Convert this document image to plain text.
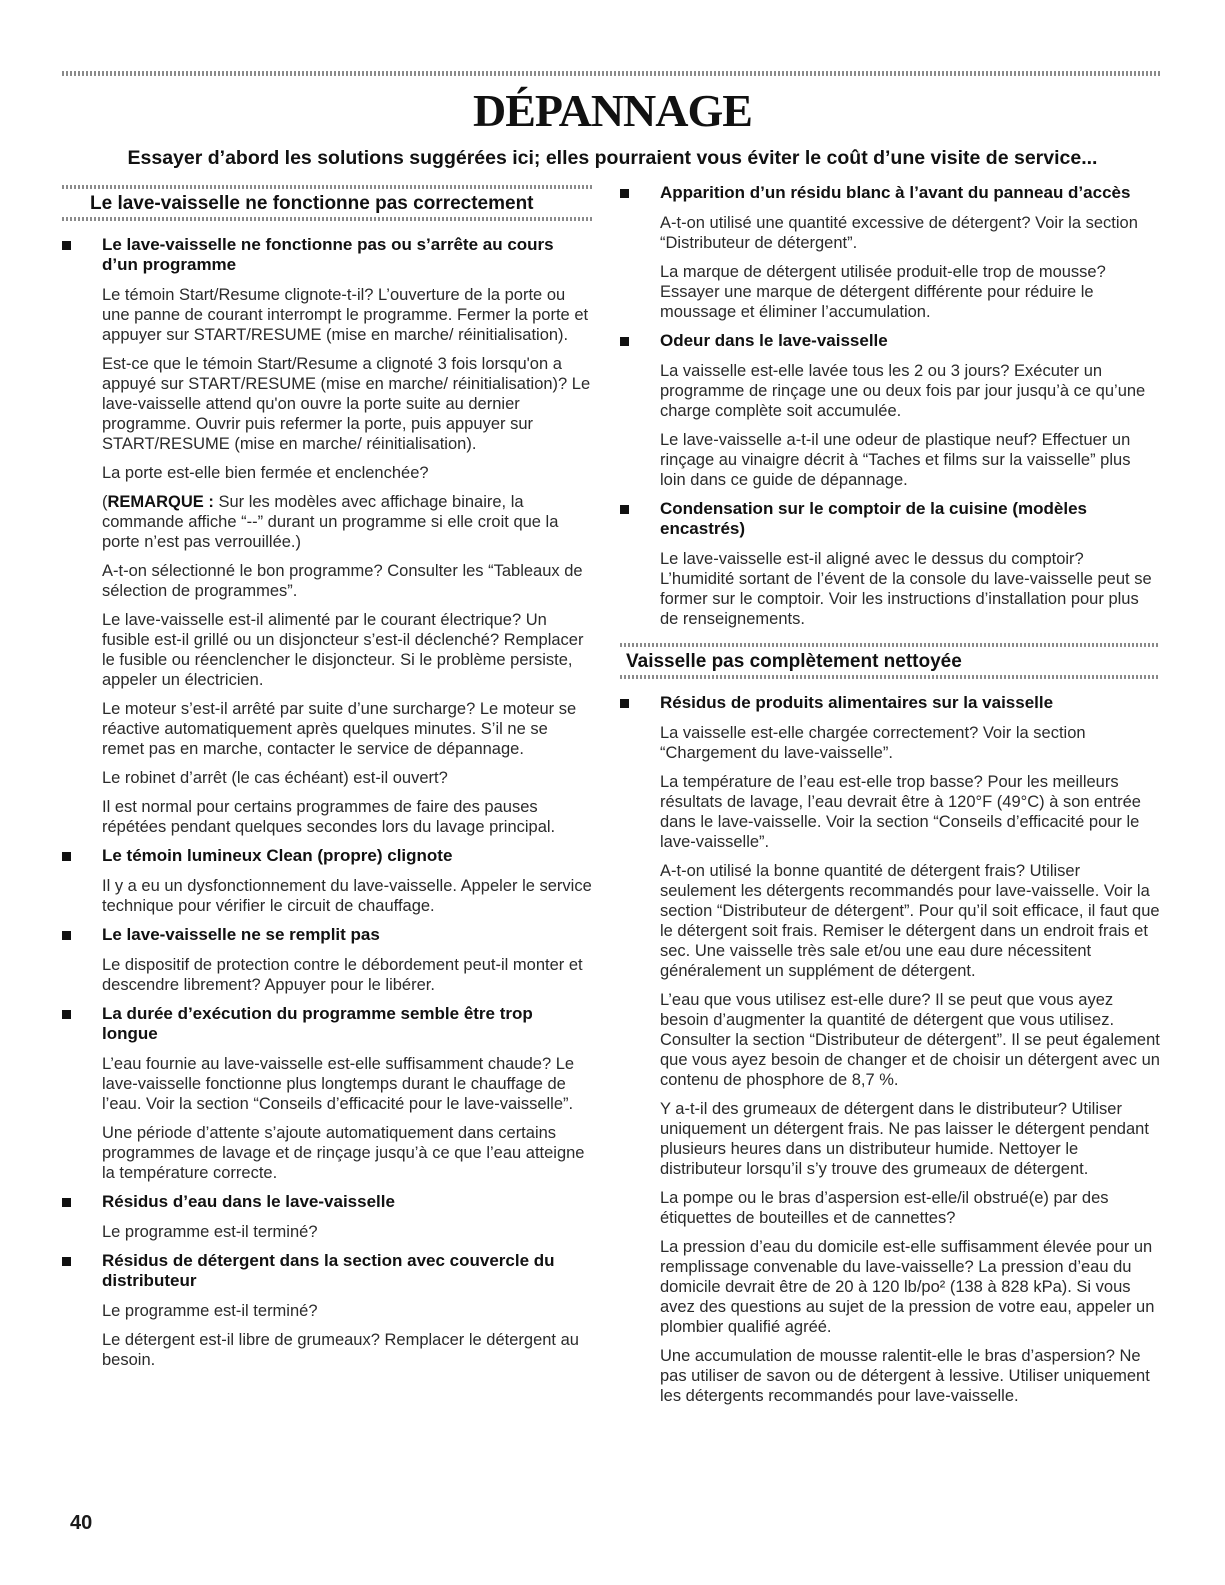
DÉPANNAGE
Essayer d’abord les solutions suggérées ici; elles pourraient vous éviter le coût d’une visite de service...
Le lave-vaisselle ne fonctionne pas correctement
Le lave-vaisselle ne fonctionne pas ou s’arrête au cours d’un programme

Le témoin Start/Resume clignote-t-il? L’ouverture de la porte ou une panne de courant interrompt le programme. Fermer la porte et appuyer sur START/RESUME (mise en marche/ réinitialisation).

Est-ce que le témoin Start/Resume a clignoté 3 fois lorsqu'on a appuyé sur START/RESUME (mise en marche/ réinitialisation)? Le lave-vaisselle attend qu'on ouvre la porte suite au dernier programme. Ouvrir puis refermer la porte, puis appuyer sur START/RESUME (mise en marche/ réinitialisation).

La porte est-elle bien fermée et enclenchée?

(REMARQUE : Sur les modèles avec affichage binaire, la commande affiche “--” durant un programme si elle croit que la porte n’est pas verrouillée.)

A-t-on sélectionné le bon programme? Consulter les “Tableaux de sélection de programmes”.

Le lave-vaisselle est-il alimenté par le courant électrique? Un fusible est-il grillé ou un disjoncteur s’est-il déclenché? Remplacer le fusible ou réenclencher le disjoncteur. Si le problème persiste, appeler un électricien.

Le moteur s’est-il arrêté par suite d’une surcharge? Le moteur se réactive automatiquement après quelques minutes. S’il ne se remet pas en marche, contacter le service de dépannage.

Le robinet d’arrêt (le cas échéant) est-il ouvert?

Il est normal pour certains programmes de faire des pauses répétées pendant quelques secondes lors du lavage principal.

Le témoin lumineux Clean (propre) clignote

Il y a eu un dysfonctionnement du lave-vaisselle. Appeler le service technique pour vérifier le circuit de chauffage.

Le lave-vaisselle ne se remplit pas

Le dispositif de protection contre le débordement peut-il monter et descendre librement? Appuyer pour le libérer.

La durée d’exécution du programme semble être trop longue

L’eau fournie au lave-vaisselle est-elle suffisamment chaude? Le lave-vaisselle fonctionne plus longtemps durant le chauffage de l’eau. Voir la section “Conseils d’efficacité pour le lave-vaisselle”.

Une période d’attente s’ajoute automatiquement dans certains programmes de lavage et de rinçage jusqu’à ce que l’eau atteigne la température correcte.

Résidus d’eau dans le lave-vaisselle

Le programme est-il terminé?

Résidus de détergent dans la section avec couvercle du distributeur

Le programme est-il terminé?

Le détergent est-il libre de grumeaux? Remplacer le détergent au besoin.

Apparition d’un résidu blanc à l’avant du panneau d’accès

A-t-on utilisé une quantité excessive de détergent? Voir la section “Distributeur de détergent”.

La marque de détergent utilisée produit-elle trop de mousse? Essayer une marque de détergent différente pour réduire le moussage et éliminer l’accumulation.

Odeur dans le lave-vaisselle

La vaisselle est-elle lavée tous les 2 ou 3 jours? Exécuter un programme de rinçage une ou deux fois par jour jusqu’à ce qu’une charge complète soit accumulée.

Le lave-vaisselle a-t-il une odeur de plastique neuf? Effectuer un rinçage au vinaigre décrit à “Taches et films sur la vaisselle” plus loin dans ce guide de dépannage.

Condensation sur le comptoir de la cuisine (modèles encastrés)

Le lave-vaisselle est-il aligné avec le dessus du comptoir? L’humidité sortant de l’évent de la console du lave-vaisselle peut se former sur le comptoir. Voir les instructions d’installation pour plus de renseignements.

Vaisselle pas complètement nettoyée
Résidus de produits alimentaires sur la vaisselle

La vaisselle est-elle chargée correctement? Voir la section “Chargement du lave-vaisselle”.

La température de l’eau est-elle trop basse? Pour les meilleurs résultats de lavage, l’eau devrait être à 120°F (49°C) à son entrée dans le lave-vaisselle. Voir la section “Conseils d’efficacité pour le lave-vaisselle”.

A-t-on utilisé la bonne quantité de détergent frais? Utiliser seulement les détergents recommandés pour lave-vaisselle. Voir la section “Distributeur de détergent”. Pour qu’il soit efficace, il faut que le détergent soit frais. Remiser le détergent dans un endroit frais et sec. Une vaisselle très sale et/ou une eau dure nécessitent généralement un supplément de détergent.

L’eau que vous utilisez est-elle dure? Il se peut que vous ayez besoin d’augmenter la quantité de détergent que vous utilisez. Consulter la section “Distributeur de détergent”. Il se peut également que vous ayez besoin de changer et de choisir un détergent avec un contenu de phosphore de 8,7 %.

Y a-t-il des grumeaux de détergent dans le distributeur? Utiliser uniquement un détergent frais. Ne pas laisser le détergent pendant plusieurs heures dans un distributeur humide. Nettoyer le distributeur lorsqu’il s’y trouve des grumeaux de détergent.

La pompe ou le bras d’aspersion est-elle/il obstrué(e) par des étiquettes de bouteilles et de cannettes?

La pression d’eau du domicile est-elle suffisamment élevée pour un remplissage convenable du lave-vaisselle? La pression d’eau du domicile devrait être de 20 à 120 lb/po² (138 à 828 kPa). Si vous avez des questions au sujet de la pression de votre eau, appeler un plombier qualifié agréé.

Une accumulation de mousse ralentit-elle le bras d’aspersion? Ne pas utiliser de savon ou de détergent à lessive. Utiliser uniquement les détergents recommandés pour lave-vaisselle.

40
